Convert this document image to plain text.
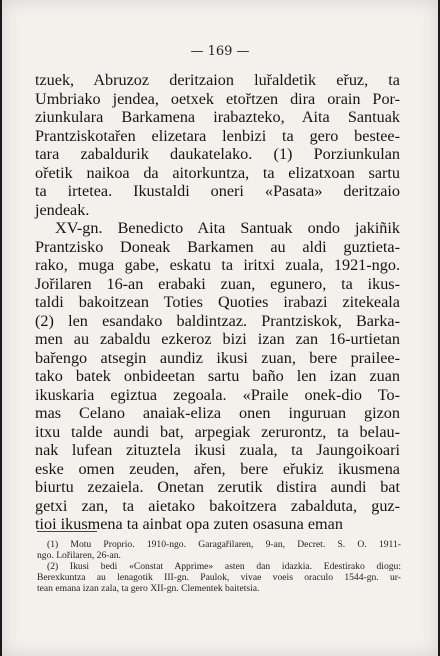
— 169 —
tzuek, Abruzoz deritzaion luřaldetik eřuz, ta
Umbriako jendea, oetxek etořtzen dira orain Por-
ziunkulara Barkamena irabazteko, Aita Santuak
Prantziskotařen elizetara lenbizi ta gero bestee-
tara zabaldurik daukatelako. (1) Porziunkulan
ořetik naikoa da aitorkuntza, ta elizatxoan sartu
ta irtetea. Ikustaldi oneri «Pasata» deritzaio
jendeak.
XV-gn. Benedicto Aita Santuak ondo jakiñik
Prantzisko Doneak Barkamen au aldi guztieta-
rako, muga gabe, eskatu ta iritxi zuala, 1921-ngo.
Jořilaren 16-an erabaki zuan, egunero, ta ikus-
taldi bakoitzean Toties Quoties irabazi zitekeala
(2) len esandako baldintzaz. Prantziskok, Barka-
men au zabaldu ezkeroz bizi izan zan 16-urtietan
bařengo atsegin aundiz ikusi zuan, bere prailee-
tako batek onbideetan sartu baño len izan zuan
ikuskaria egiztua zegoala. «Praile onek-dio To-
mas Celano anaiak-eliza onen inguruan gizon
itxu talde aundi bat, arpegiak zerurontz, ta belau-
nak lufean zituztela ikusi zuala, ta Jaungoikoari
eske omen zeuden, ařen, bere eřukiz ikusmena
biurtu zezaiela. Onetan zerutik distira aundi bat
getxi zan, ta aietako bakoitzera zabalduta, guz-
tioi ikusmena ta ainbat opa zuten osasuna eman
(1) Motu Proprio. 1910-ngo. Garagařilaren, 9-an, Decret. S. O. 1911-
ngo. Lořilaren, 26-an.
(2) Ikusi bedi «Constat Apprime» asten dan idazkia. Edestirako diogu:
Berexkuntza au lenagotik III-gn. Paulok, vivae voeis oraculo 1544-gn. ur-
tean emana izan zala, ta gero XII-gn. Clementek baitetsia.
